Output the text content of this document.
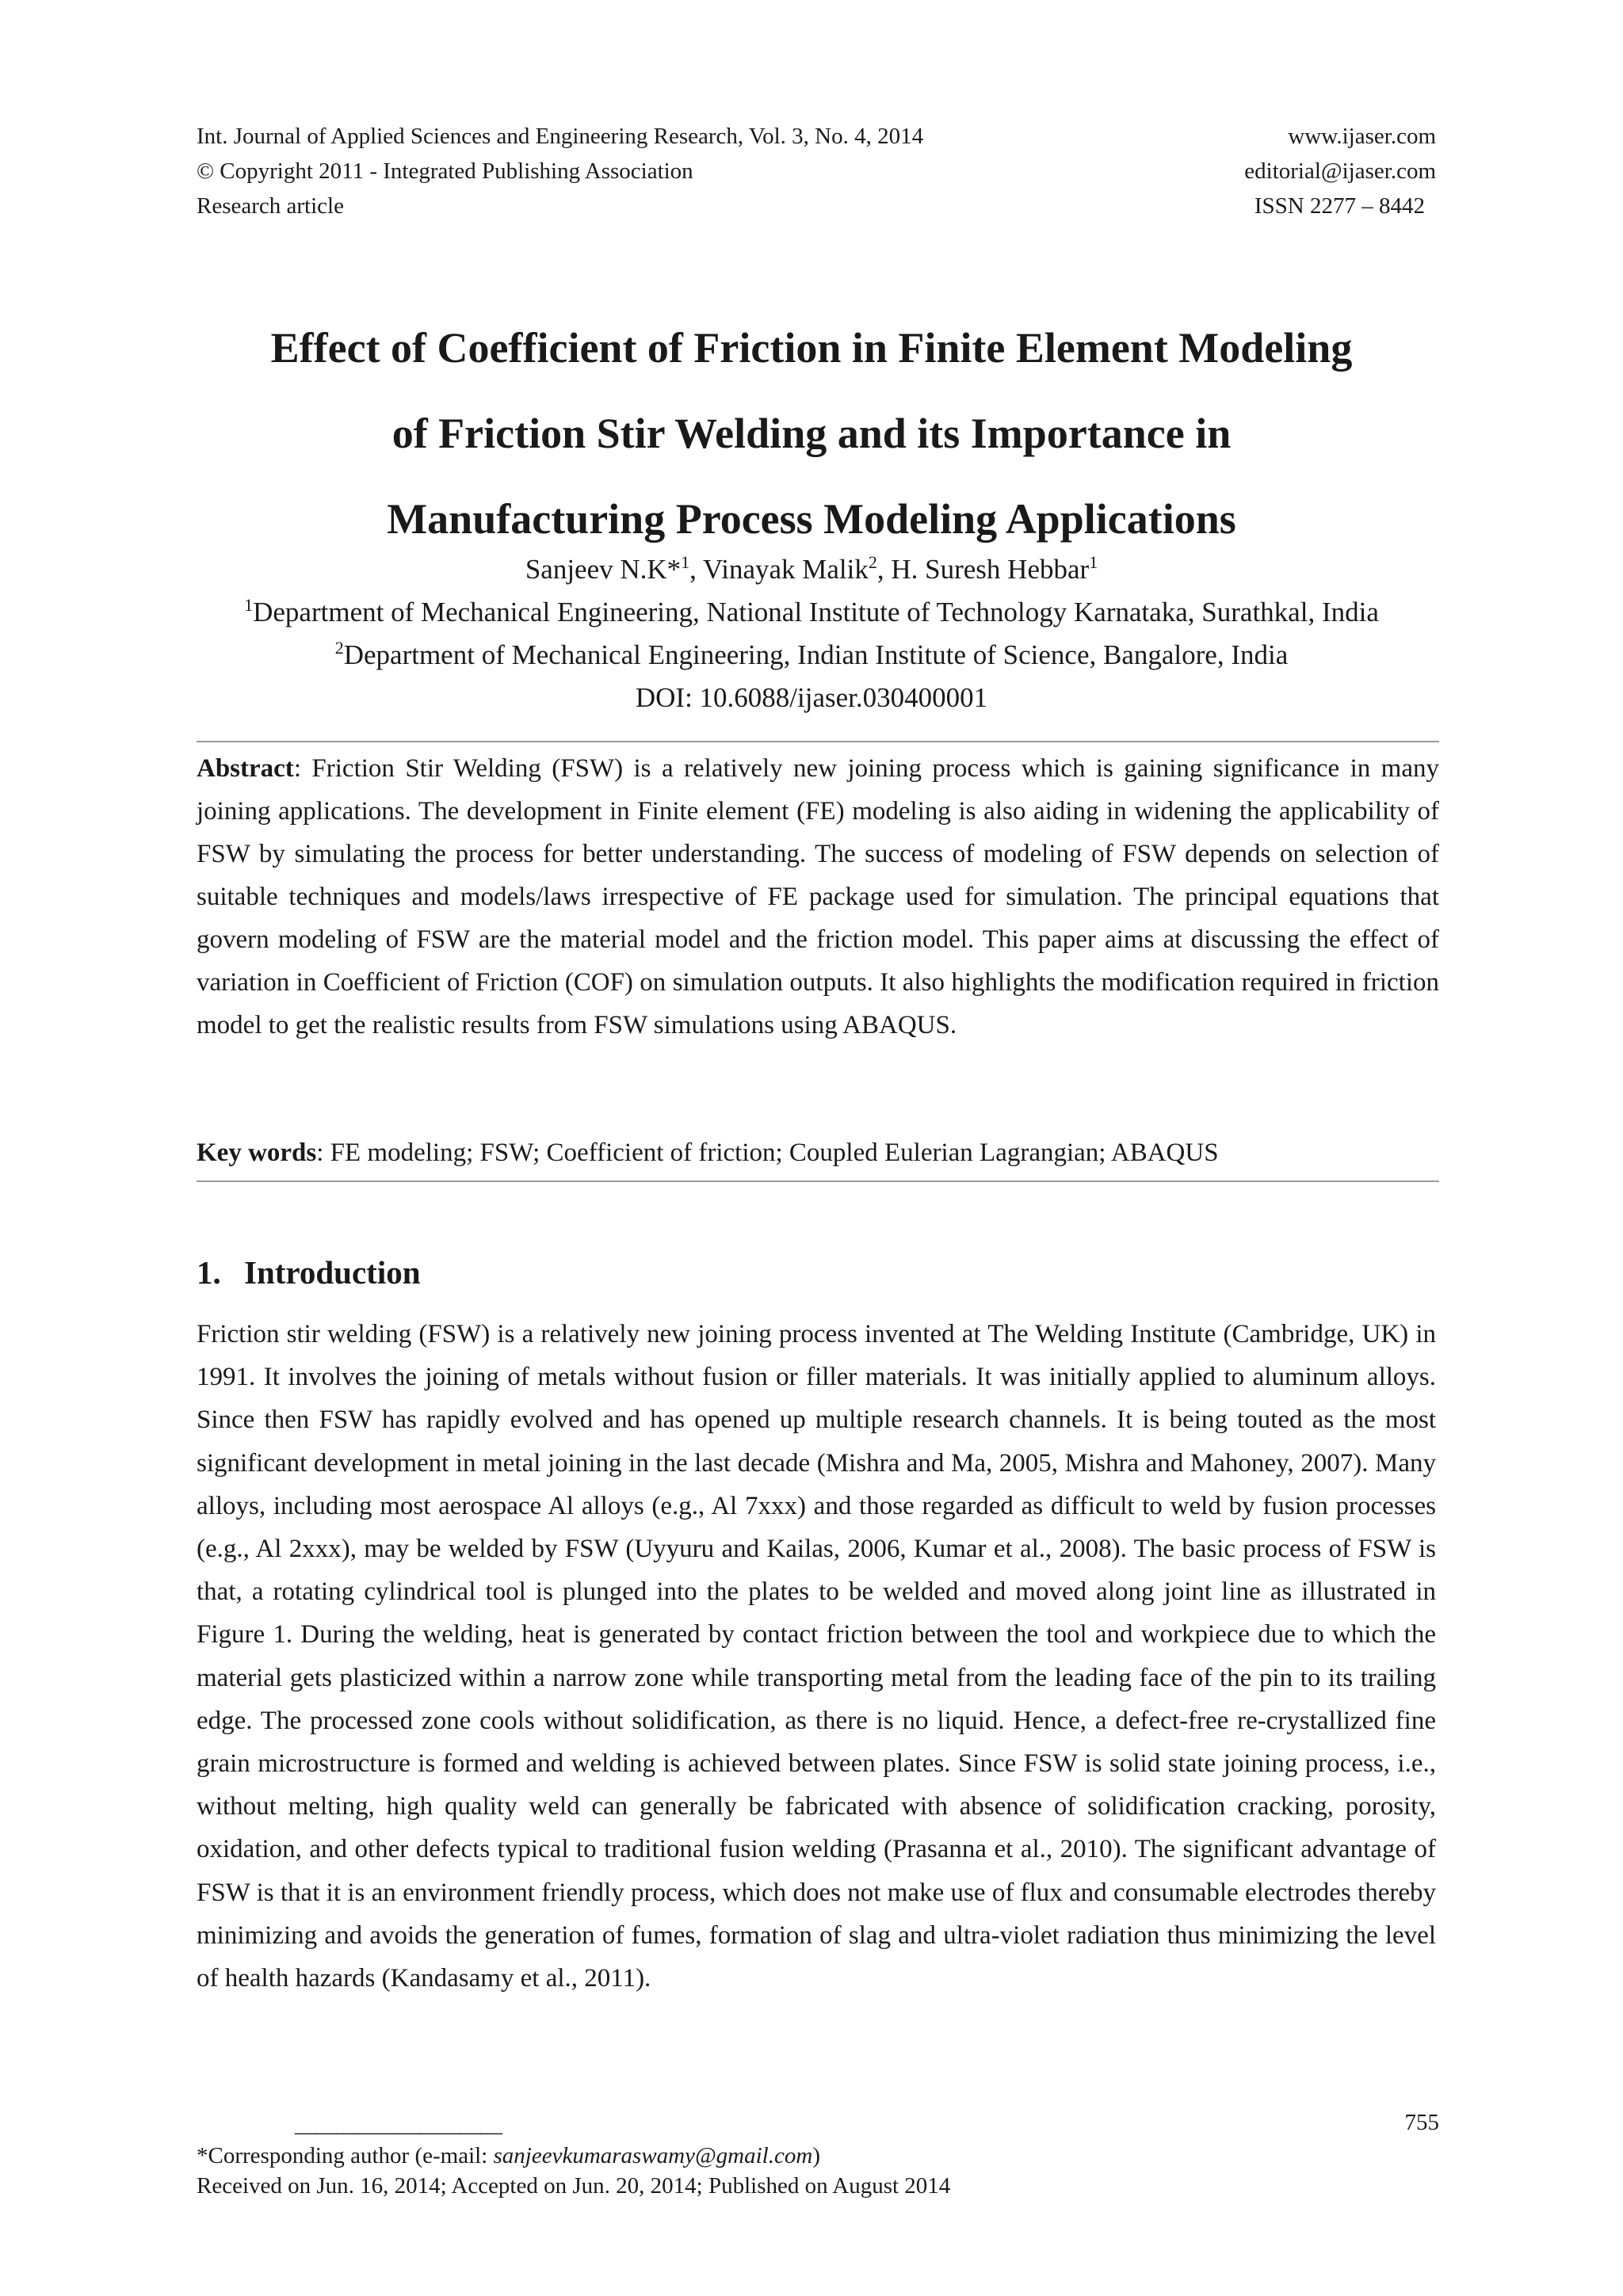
Int. Journal of Applied Sciences and Engineering Research, Vol. 3, No. 4, 2014	www.ijaser.com
© Copyright 2011 - Integrated Publishing Association	editorial@ijaser.com
Research article	ISSN 2277 – 8442
Effect of Coefficient of Friction in Finite Element Modeling
of Friction Stir Welding and its Importance in
Manufacturing Process Modeling Applications
Sanjeev N.K*$^1$, Vinayak Malik$^2$, H. Suresh Hebbar$^1$
$^1$Department of Mechanical Engineering, National Institute of Technology Karnataka, Surathkal, India
$^2$Department of Mechanical Engineering, Indian Institute of Science, Bangalore, India
DOI: 10.6088/ijaser.030400001
Abstract: Friction Stir Welding (FSW) is a relatively new joining process which is gaining significance in many joining applications. The development in Finite element (FE) modeling is also aiding in widening the applicability of FSW by simulating the process for better understanding. The success of modeling of FSW depends on selection of suitable techniques and models/laws irrespective of FE package used for simulation. The principal equations that govern modeling of FSW are the material model and the friction model. This paper aims at discussing the effect of variation in Coefficient of Friction (COF) on simulation outputs. It also highlights the modification required in friction model to get the realistic results from FSW simulations using ABAQUS.
Key words: FE modeling; FSW; Coefficient of friction; Coupled Eulerian Lagrangian; ABAQUS
1. Introduction
Friction stir welding (FSW) is a relatively new joining process invented at The Welding Institute (Cambridge, UK) in 1991. It involves the joining of metals without fusion or filler materials. It was initially applied to aluminum alloys. Since then FSW has rapidly evolved and has opened up multiple research channels. It is being touted as the most significant development in metal joining in the last decade (Mishra and Ma, 2005, Mishra and Mahoney, 2007). Many alloys, including most aerospace Al alloys (e.g., Al 7xxx) and those regarded as difficult to weld by fusion processes (e.g., Al 2xxx), may be welded by FSW (Uyyuru and Kailas, 2006, Kumar et al., 2008). The basic process of FSW is that, a rotating cylindrical tool is plunged into the plates to be welded and moved along joint line as illustrated in Figure 1. During the welding, heat is generated by contact friction between the tool and workpiece due to which the material gets plasticized within a narrow zone while transporting metal from the leading face of the pin to its trailing edge. The processed zone cools without solidification, as there is no liquid. Hence, a defect-free re-crystallized fine grain microstructure is formed and welding is achieved between plates. Since FSW is solid state joining process, i.e., without melting, high quality weld can generally be fabricated with absence of solidification cracking, porosity, oxidation, and other defects typical to traditional fusion welding (Prasanna et al., 2010). The significant advantage of FSW is that it is an environment friendly process, which does not make use of flux and consumable electrodes thereby minimizing and avoids the generation of fumes, formation of slag and ultra-violet radiation thus minimizing the level of health hazards (Kandasamy et al., 2011).
——————————	755
*Corresponding author (e-mail: sanjeevkumaraswamy@gmail.com)
Received on Jun. 16, 2014; Accepted on Jun. 20, 2014; Published on August 2014
